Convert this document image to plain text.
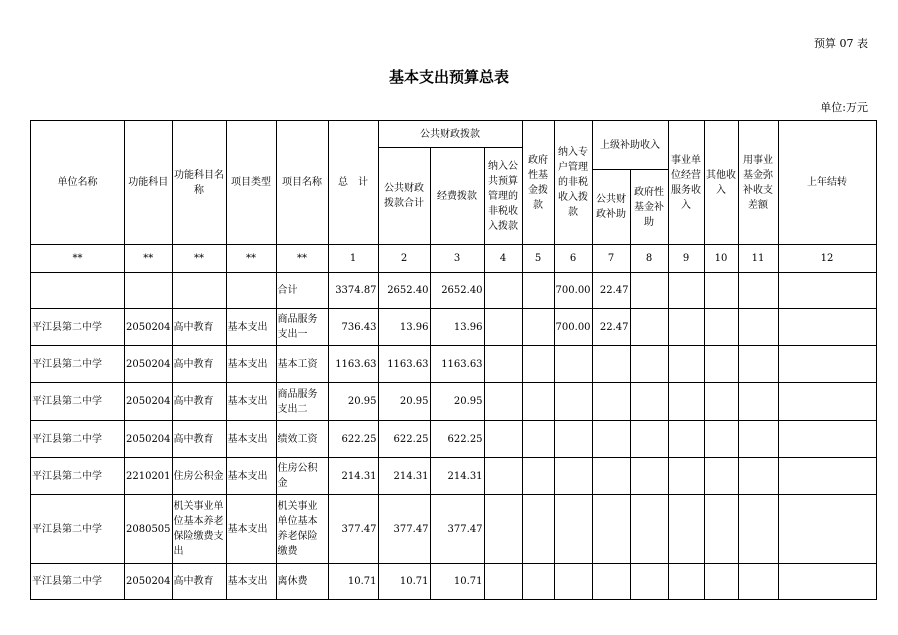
预算 07 表
基本支出预算总表
单位:万元
单位名称	功能科目	功能科目名称	项目类型	项目名称	总　计	公共财政拨款			政府性基金拨款	纳入专户管理的非税收入拨款	上级补助收入		事业单位经营服务收入	其他收入	用事业基金弥补收支差额	上年结转
						公共财政拨款合计	经费拨款	纳入公共预算管理的非税收入拨款								
											公共财政补助	政府性基金补助				
**	**	**	**	**	1	2	3	4	5	6	7	8	9	10	11	12
				合计	3374.87	2652.40	2652.40			700.00	22.47					
平江县第二中学	2050204	高中教育	基本支出	商品服务支出一	736.43	13.96	13.96			700.00	22.47					
平江县第二中学	2050204	高中教育	基本支出	基本工资	1163.63	1163.63	1163.63									
平江县第二中学	2050204	高中教育	基本支出	商品服务支出二	20.95	20.95	20.95									
平江县第二中学	2050204	高中教育	基本支出	绩效工资	622.25	622.25	622.25									
平江县第二中学	2210201	住房公积金	基本支出	住房公积金	214.31	214.31	214.31									
平江县第二中学	2080505	机关事业单位基本养老保险缴费支出	基本支出	机关事业单位基本养老保险缴费	377.47	377.47	377.47									
平江县第二中学	2050204	高中教育	基本支出	离休费	10.71	10.71	10.71									
